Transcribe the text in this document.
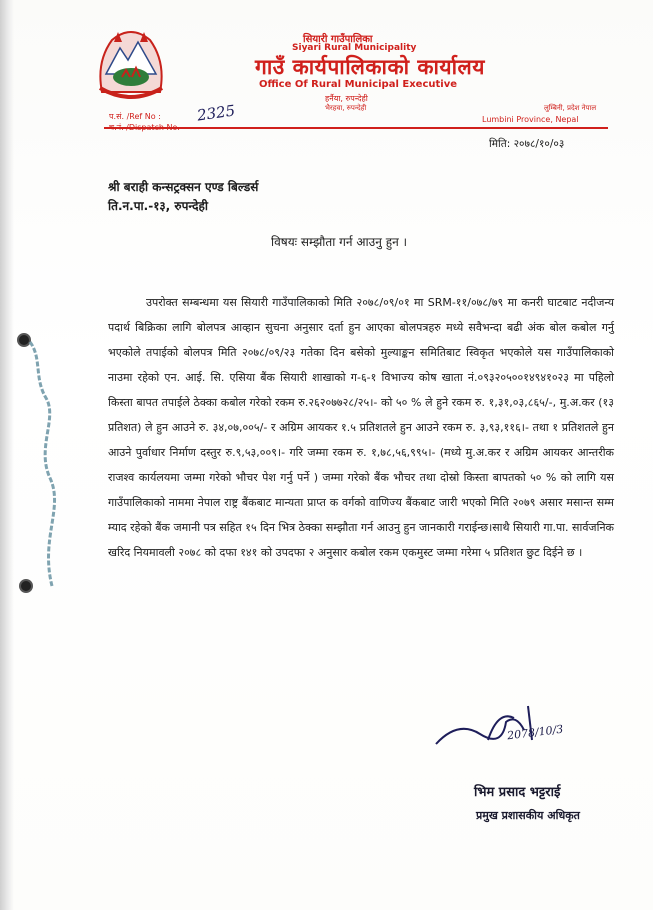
सियारी गाउँपालिका
Siyari Rural Municipality
गाउँ कार्यपालिकाको कार्यालय
Office Of Rural Municipal Executive
हर्नैया, रुपन्देही
भैरहवा, रुपन्देही
प.सं. /Ref No : 2325	लुम्बिनी, प्रदेश नेपाल
Lumbini Province, Nepal
मिति: २०७८/१०/०३
श्री बराही कन्सट्रक्सन एण्ड बिल्डर्स
ति.न.पा.-१३, रुपन्देही
विषयः सम्झौता गर्न आउनु हुन ।

उपरोक्त सम्बन्धमा यस सियारी गाउँपालिकाको मिति २०७८/०९/०१ मा SRM-११/०७८/७९ मा कनरी घाटबाट नदीजन्य पदार्थ बिक्रिका लागि बोलपत्र आव्हान सुचना अनुसार दर्ता हुन आएका बोलपत्रहरु मध्ये सवैभन्दा बढी अंक बोल कबोल गर्नु भएकोले तपाईको बोलपत्र मिति २०७८/०९/२३ गतेका दिन बसेको मुल्याङ्कन समितिबाट स्विकृत भएकोले यस गाउँपालिकाको नाउमा रहेको एन. आई. सि. एसिया बैंक सियारी शाखाको ग-६-१ विभाज्य कोष खाता नं.०९३२०५००१४९४१०२३ मा पहिलो किस्ता बापत तपाईले ठेक्का कबोल गरेको रकम रु.२६२०७७२८/२५।- को ५० % ले हुने रकम रु. १,३१,०३,८६५/-, मु.अ.कर (१३ प्रतिशत) ले हुन आउने रु. ३४,०७,००५/- र अग्रिम आयकर १.५ प्रतिशतले हुन आउने रकम रु. ३,९३,११६।- तथा १ प्रतिशतले हुन आउने पुर्वाधार निर्माण दस्तुर रु.९,५३,००९।- गरि जम्मा रकम रु. १,७८,५६,९९५।- (मध्ये मु.अ.कर र अग्रिम आयकर आन्तरीक राजश्व कार्यलयमा जम्मा गरेको भौचर पेश गर्नु पर्ने ) जम्मा गरेको बैंक भौचर तथा दोस्रो किस्ता बापतको ५० % को लागि यस गाउँपालिकाको नाममा नेपाल राष्ट्र बैंकबाट मान्यता प्राप्त क वर्गको वाणिज्य बैंकबाट जारी भएको मिति २०७९ असार मसान्त सम्म म्याद रहेको बैंक जमानी पत्र सहित १५ दिन भित्र ठेक्का सम्झौता गर्न आउनु हुन जानकारी गराईन्छ।साथै सियारी गा.पा. सार्वजनिक खरिद नियमावली २०७८ को दफा १४१ को उपदफा २ अनुसार कबोल रकम एकमुस्ट जम्मा गरेमा ५ प्रतिशत छुट दिईने छ ।

2078/10/3
भिम प्रसाद भट्टराई
प्रमुख प्रशासकीय अधिकृत
